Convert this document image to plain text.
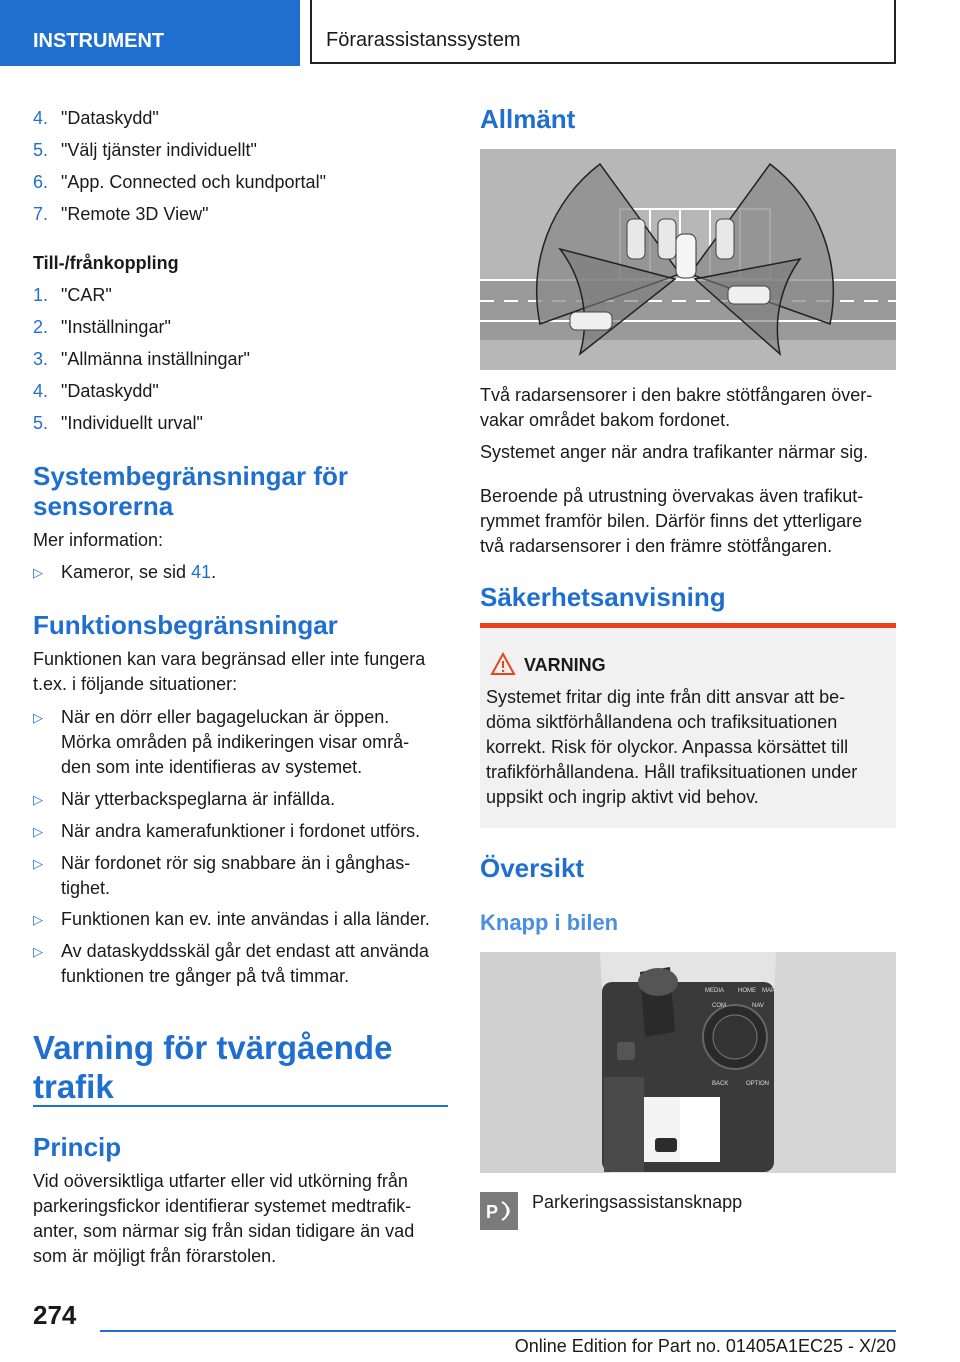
INSTRUMENT	Förarassistanssystem
4. "Dataskydd"
5. "Välj tjänster individuellt"
6. "App. Connected och kundportal"
7. "Remote 3D View"
Till-/frånkoppling
1. "CAR"
2. "Inställningar"
3. "Allmänna inställningar"
4. "Dataskydd"
5. "Individuellt urval"
Systembegränsningar för
sensorerna
Mer information:
▷ Kameror, se sid 41.
Funktionsbegränsningar
Funktionen kan vara begränsad eller inte fungera
t.ex. i följande situationer:
▷ När en dörr eller bagageluckan är öppen.
Mörka områden på indikeringen visar områ-
den som inte identifieras av systemet.
▷ När ytterbackspeglarna är infällda.
▷ När andra kamerafunktioner i fordonet utförs.
▷ När fordonet rör sig snabbare än i gånghas-
tighet.
▷ Funktionen kan ev. inte användas i alla länder.
▷ Av dataskyddsskäl går det endast att använda
funktionen tre gånger på två timmar.
Varning för tvärgående
trafik
Princip
Vid oöversiktliga utfarter eller vid utkörning från
parkeringsfickor identifierar systemet medtrafik-
anter, som närmar sig från sidan tidigare än vad
som är möjligt från förarstolen.
Allmänt
Två radarsensorer i den bakre stötfångaren över-
vakar området bakom fordonet.
Systemet anger när andra trafikanter närmar sig.
Beroende på utrustning övervakas även trafikut-
rymmet framför bilen. Därför finns det ytterligare
två radarsensorer i den främre stötfångaren.
Säkerhetsanvisning
VARNING
Systemet fritar dig inte från ditt ansvar att be-
döma siktförhållandena och trafiksituationen
korrekt. Risk för olyckor. Anpassa körsättet till
trafikförhållandena. Håll trafiksituationen under
uppsikt och ingrip aktivt vid behov.
Översikt
Knapp i bilen
MEDIA HOME MAP
COM	NAV
BACK	OPTION
P Parkeringsassistansknapp
274
Online Edition for Part no. 01405A1EC25 - X/20
